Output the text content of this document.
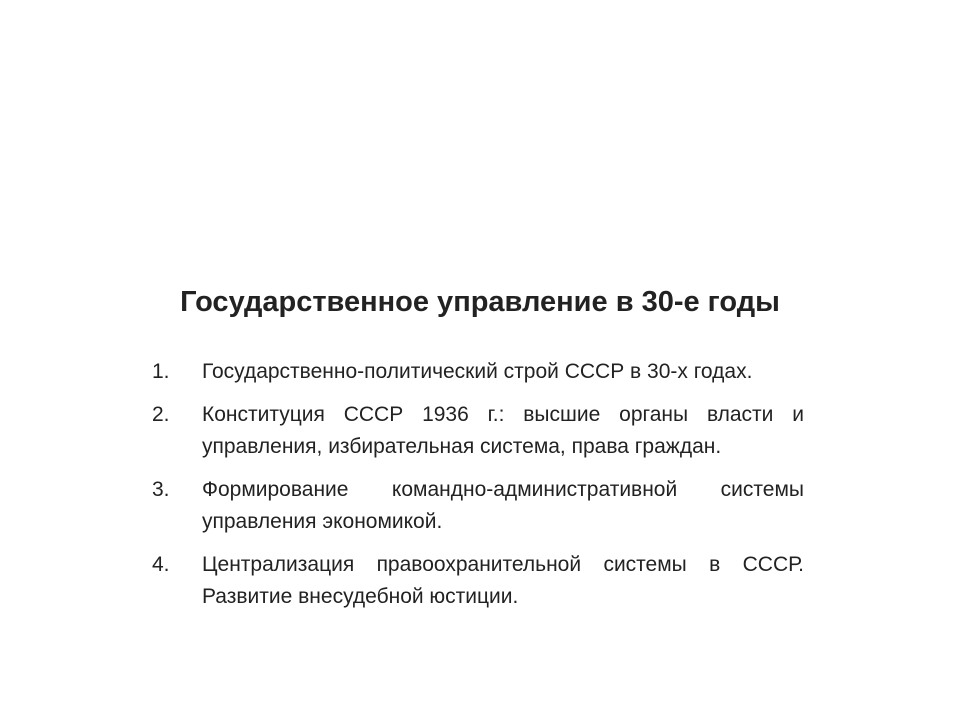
Государственное управление в 30-е годы
1.	Государственно-политический строй СССР в 30-х годах.
2.	Конституция СССР 1936 г.: высшие органы власти и управления, избирательная система, права граждан.
3.	Формирование командно-административной системы управления экономикой.
4.	Централизация правоохранительной системы в СССР. Развитие внесудебной юстиции.
